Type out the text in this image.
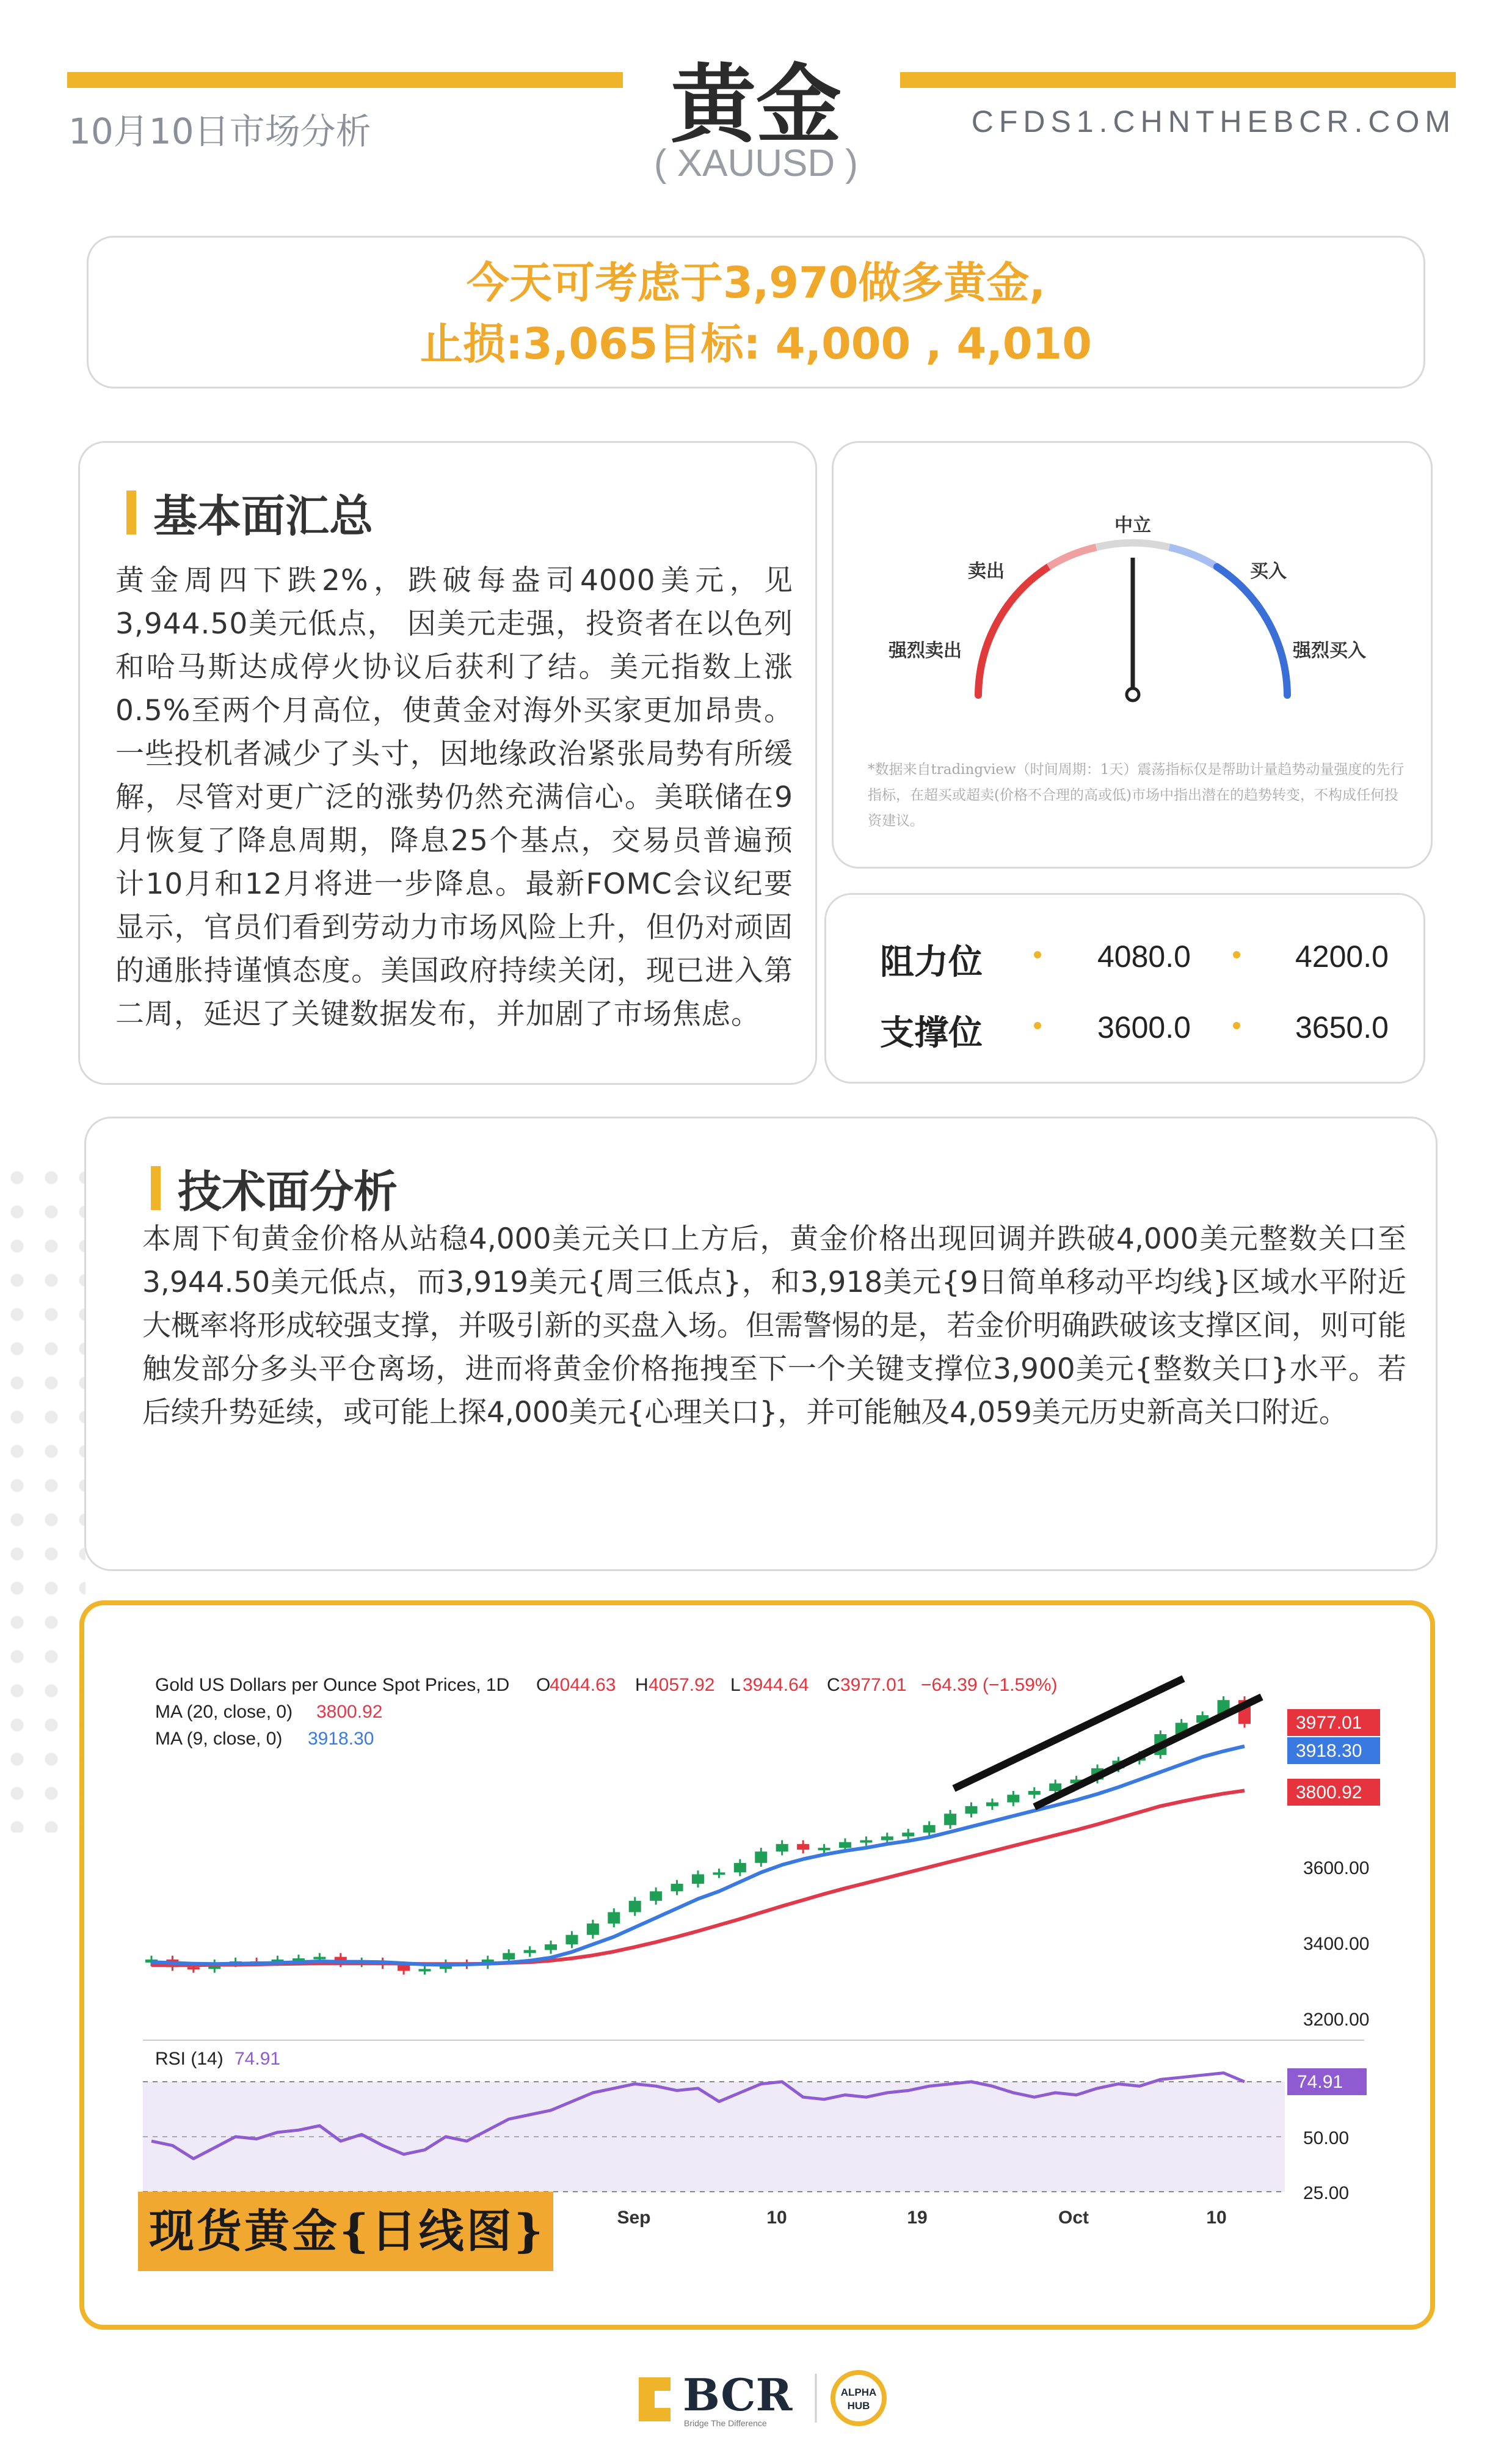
10月10日市场分析	黄金
( XAUUSD )
CFDS1.CHNTHEBCR.COM
今天可考虑于3,970做多黄金,
止损:3,065目标: 4,000 , 4,010
基本面汇总
黄金周四下跌2%，跌破每盎司4000美元，见3,944.50美元低点， 因美元走强，投资者在以色列和哈马斯达成停火协议后获利了结。美元指数上涨0.5%至两个月高位，使黄金对海外买家更加昂贵。一些投机者减少了头寸，因地缘政治紧张局势有所缓解，尽管对更广泛的涨势仍然充满信心。美联储在9月恢复了降息周期，降息25个基点，交易员普遍预计10月和12月将进一步降息。最新FOMC会议纪要显示，官员们看到劳动力市场风险上升，但仍对顽固的通胀持谨慎态度。美国政府持续关闭，现已进入第二周，延迟了关键数据发布，并加剧了市场焦虑。
中立
卖出	买入
强烈卖出	强烈买入
*数据来自tradingview（时间周期：1天）震荡指标仅是帮助计量趋势动量强度的先行指标，在超买或超卖(价格不合理的高或低)市场中指出潜在的趋势转变，不构成任何投资建议。
阻力位	4080.0	4200.0
支撑位	3600.0	3650.0
技术面分析
本周下旬黄金价格从站稳4,000美元关口上方后，黄金价格出现回调并跌破4,000美元整数关口至3,944.50美元低点，而3,919美元{周三低点}，和3,918美元{9日简单移动平均线}区域水平附近大概率将形成较强支撑，并吸引新的买盘入场。但需警惕的是，若金价明确跌破该支撑区间，则可能触发部分多头平仓离场，进而将黄金价格拖拽至下一个关键支撑位3,900美元{整数关口}水平。若后续升势延续，或可能上探4,000美元{心理关口}，并可能触及4,059美元历史新高关口附近。
Gold US Dollars per Ounce Spot Prices, 1D O
4044.63 H 4057.92 L 3944.64 C 3977.01 −64.39 (−1.59%)
MA (20, close, 0) 3800.92
MA (9, close, 0) 3918.30
3600.00
3400.00
3200.00
3977.01
3918.30
3800.92
RSI (14) 74.91
74.91
50.00
25.00
Sep	10	19	Oct	10
现货黄金{日线图}
BCR
Bridge The Difference
ALPHA
HUB
